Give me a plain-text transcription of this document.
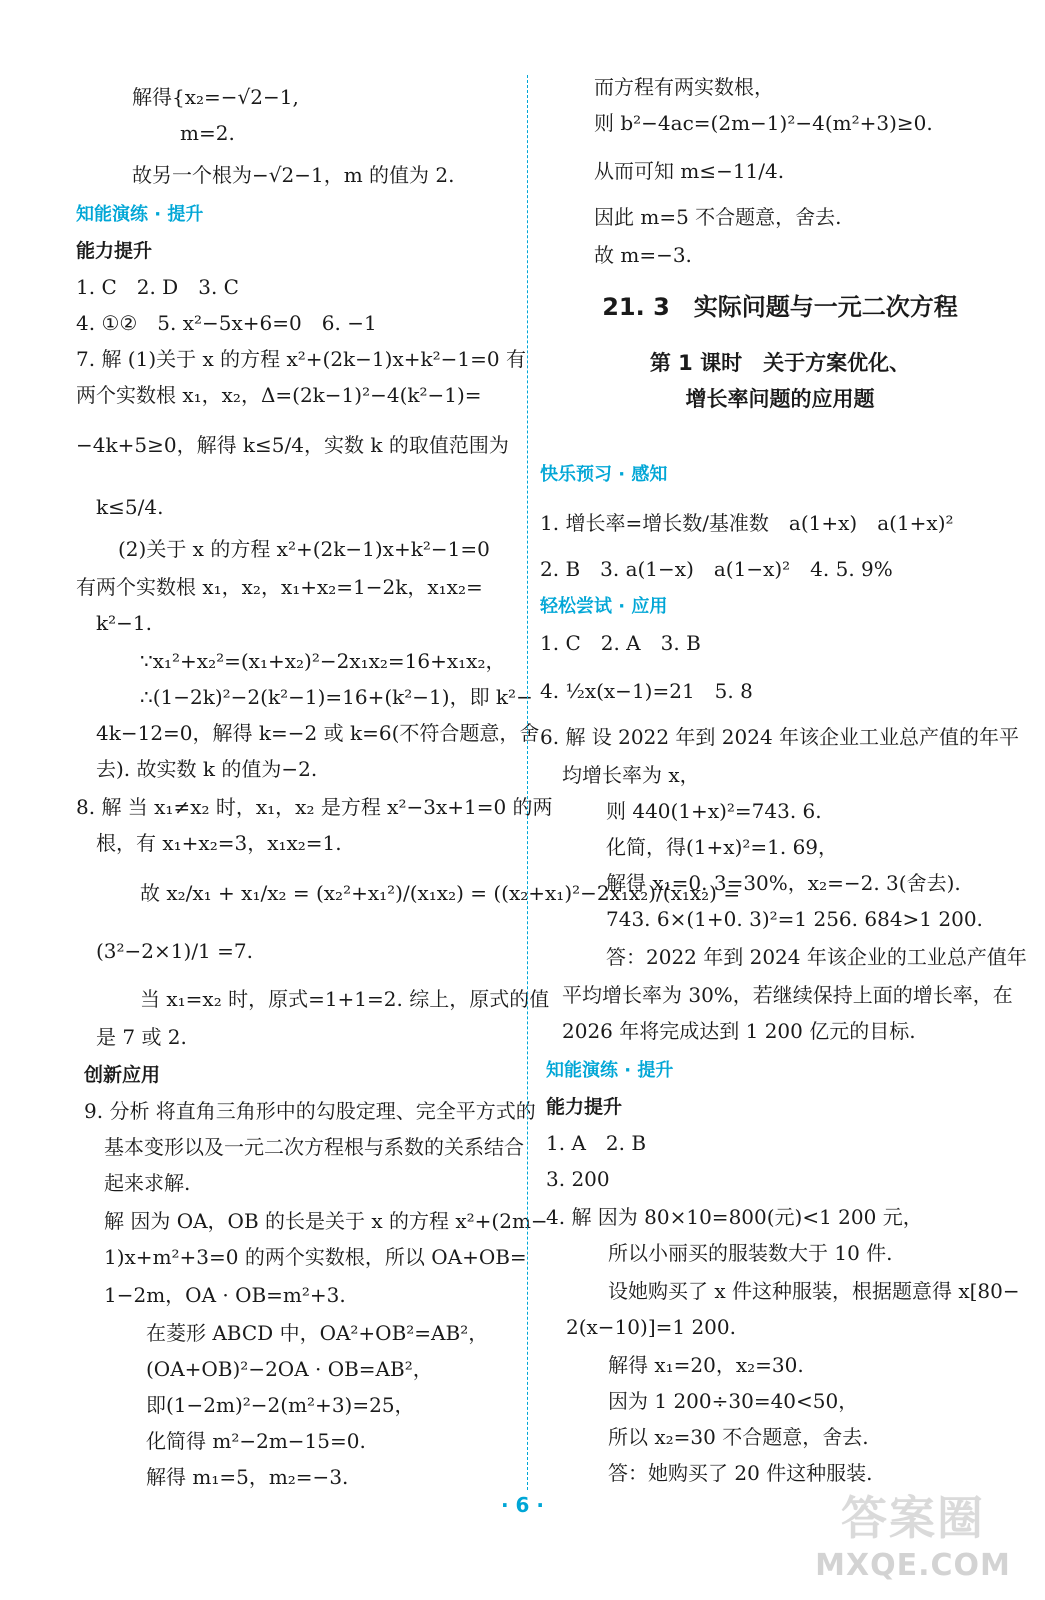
解得{x₂=−√2−1,
m=2.
故另一个根为−√2−1，m 的值为 2.
知能演练 · 提升
能力提升
1. C　2. D　3. C
4. ①②　5. x²−5x+6=0　6. −1
7. 解 (1)关于 x 的方程 x²+(2k−1)x+k²−1=0 有
两个实数根 x₁，x₂，Δ=(2k−1)²−4(k²−1)=
−4k+5≥0，解得 k≤5/4，实数 k 的取值范围为
k≤5/4.
(2)关于 x 的方程 x²+(2k−1)x+k²−1=0
有两个实数根 x₁，x₂，x₁+x₂=1−2k，x₁x₂=
k²−1.
∵x₁²+x₂²=(x₁+x₂)²−2x₁x₂=16+x₁x₂，
∴(1−2k)²−2(k²−1)=16+(k²−1)，即 k²−
4k−12=0，解得 k=−2 或 k=6(不符合题意，舍
去). 故实数 k 的值为−2.
8. 解 当 x₁≠x₂ 时，x₁，x₂ 是方程 x²−3x+1=0 的两
根，有 x₁+x₂=3，x₁x₂=1.
故 x₂/x₁ + x₁/x₂ = (x₂²+x₁²)/(x₁x₂) = ((x₂+x₁)²−2x₁x₂)/(x₁x₂) =
(3²−2×1)/1 =7.
当 x₁=x₂ 时，原式=1+1=2. 综上，原式的值
是 7 或 2.
创新应用
9. 分析 将直角三角形中的勾股定理、完全平方式的
基本变形以及一元二次方程根与系数的关系结合
起来求解.
解 因为 OA，OB 的长是关于 x 的方程 x²+(2m−
1)x+m²+3=0 的两个实数根，所以 OA+OB=
1−2m，OA · OB=m²+3.
在菱形 ABCD 中，OA²+OB²=AB²，
(OA+OB)²−2OA · OB=AB²，
即(1−2m)²−2(m²+3)=25，
化简得 m²−2m−15=0.
解得 m₁=5，m₂=−3.
而方程有两实数根，
则 b²−4ac=(2m−1)²−4(m²+3)≥0.
从而可知 m≤−11/4.
因此 m=5 不合题意，舍去.
故 m=−3.
21. 3　实际问题与一元二次方程
第 1 课时　关于方案优化、
增长率问题的应用题
快乐预习 · 感知
1. 增长率=增长数/基准数　a(1+x)　a(1+x)²
2. B　3. a(1−x)　a(1−x)²　4. 5. 9%
轻松尝试 · 应用
1. C　2. A　3. B
4. ½x(x−1)=21　5. 8
6. 解 设 2022 年到 2024 年该企业工业总产值的年平
均增长率为 x，
则 440(1+x)²=743. 6.
化简，得(1+x)²=1. 69，
解得 x₁=0. 3=30%，x₂=−2. 3(舍去).
743. 6×(1+0. 3)²=1 256. 684>1 200.
答：2022 年到 2024 年该企业的工业总产值年
平均增长率为 30%，若继续保持上面的增长率，在
2026 年将完成达到 1 200 亿元的目标.
知能演练 · 提升
能力提升
1. A　2. B
3. 200
4. 解 因为 80×10=800(元)<1 200 元，
所以小丽买的服装数大于 10 件.
设她购买了 x 件这种服装，根据题意得 x[80−
2(x−10)]=1 200.
解得 x₁=20，x₂=30.
因为 1 200÷30=40<50，
所以 x₂=30 不合题意，舍去.
答：她购买了 20 件这种服装.
· 6 ·	答案圈
MXQE.COM
